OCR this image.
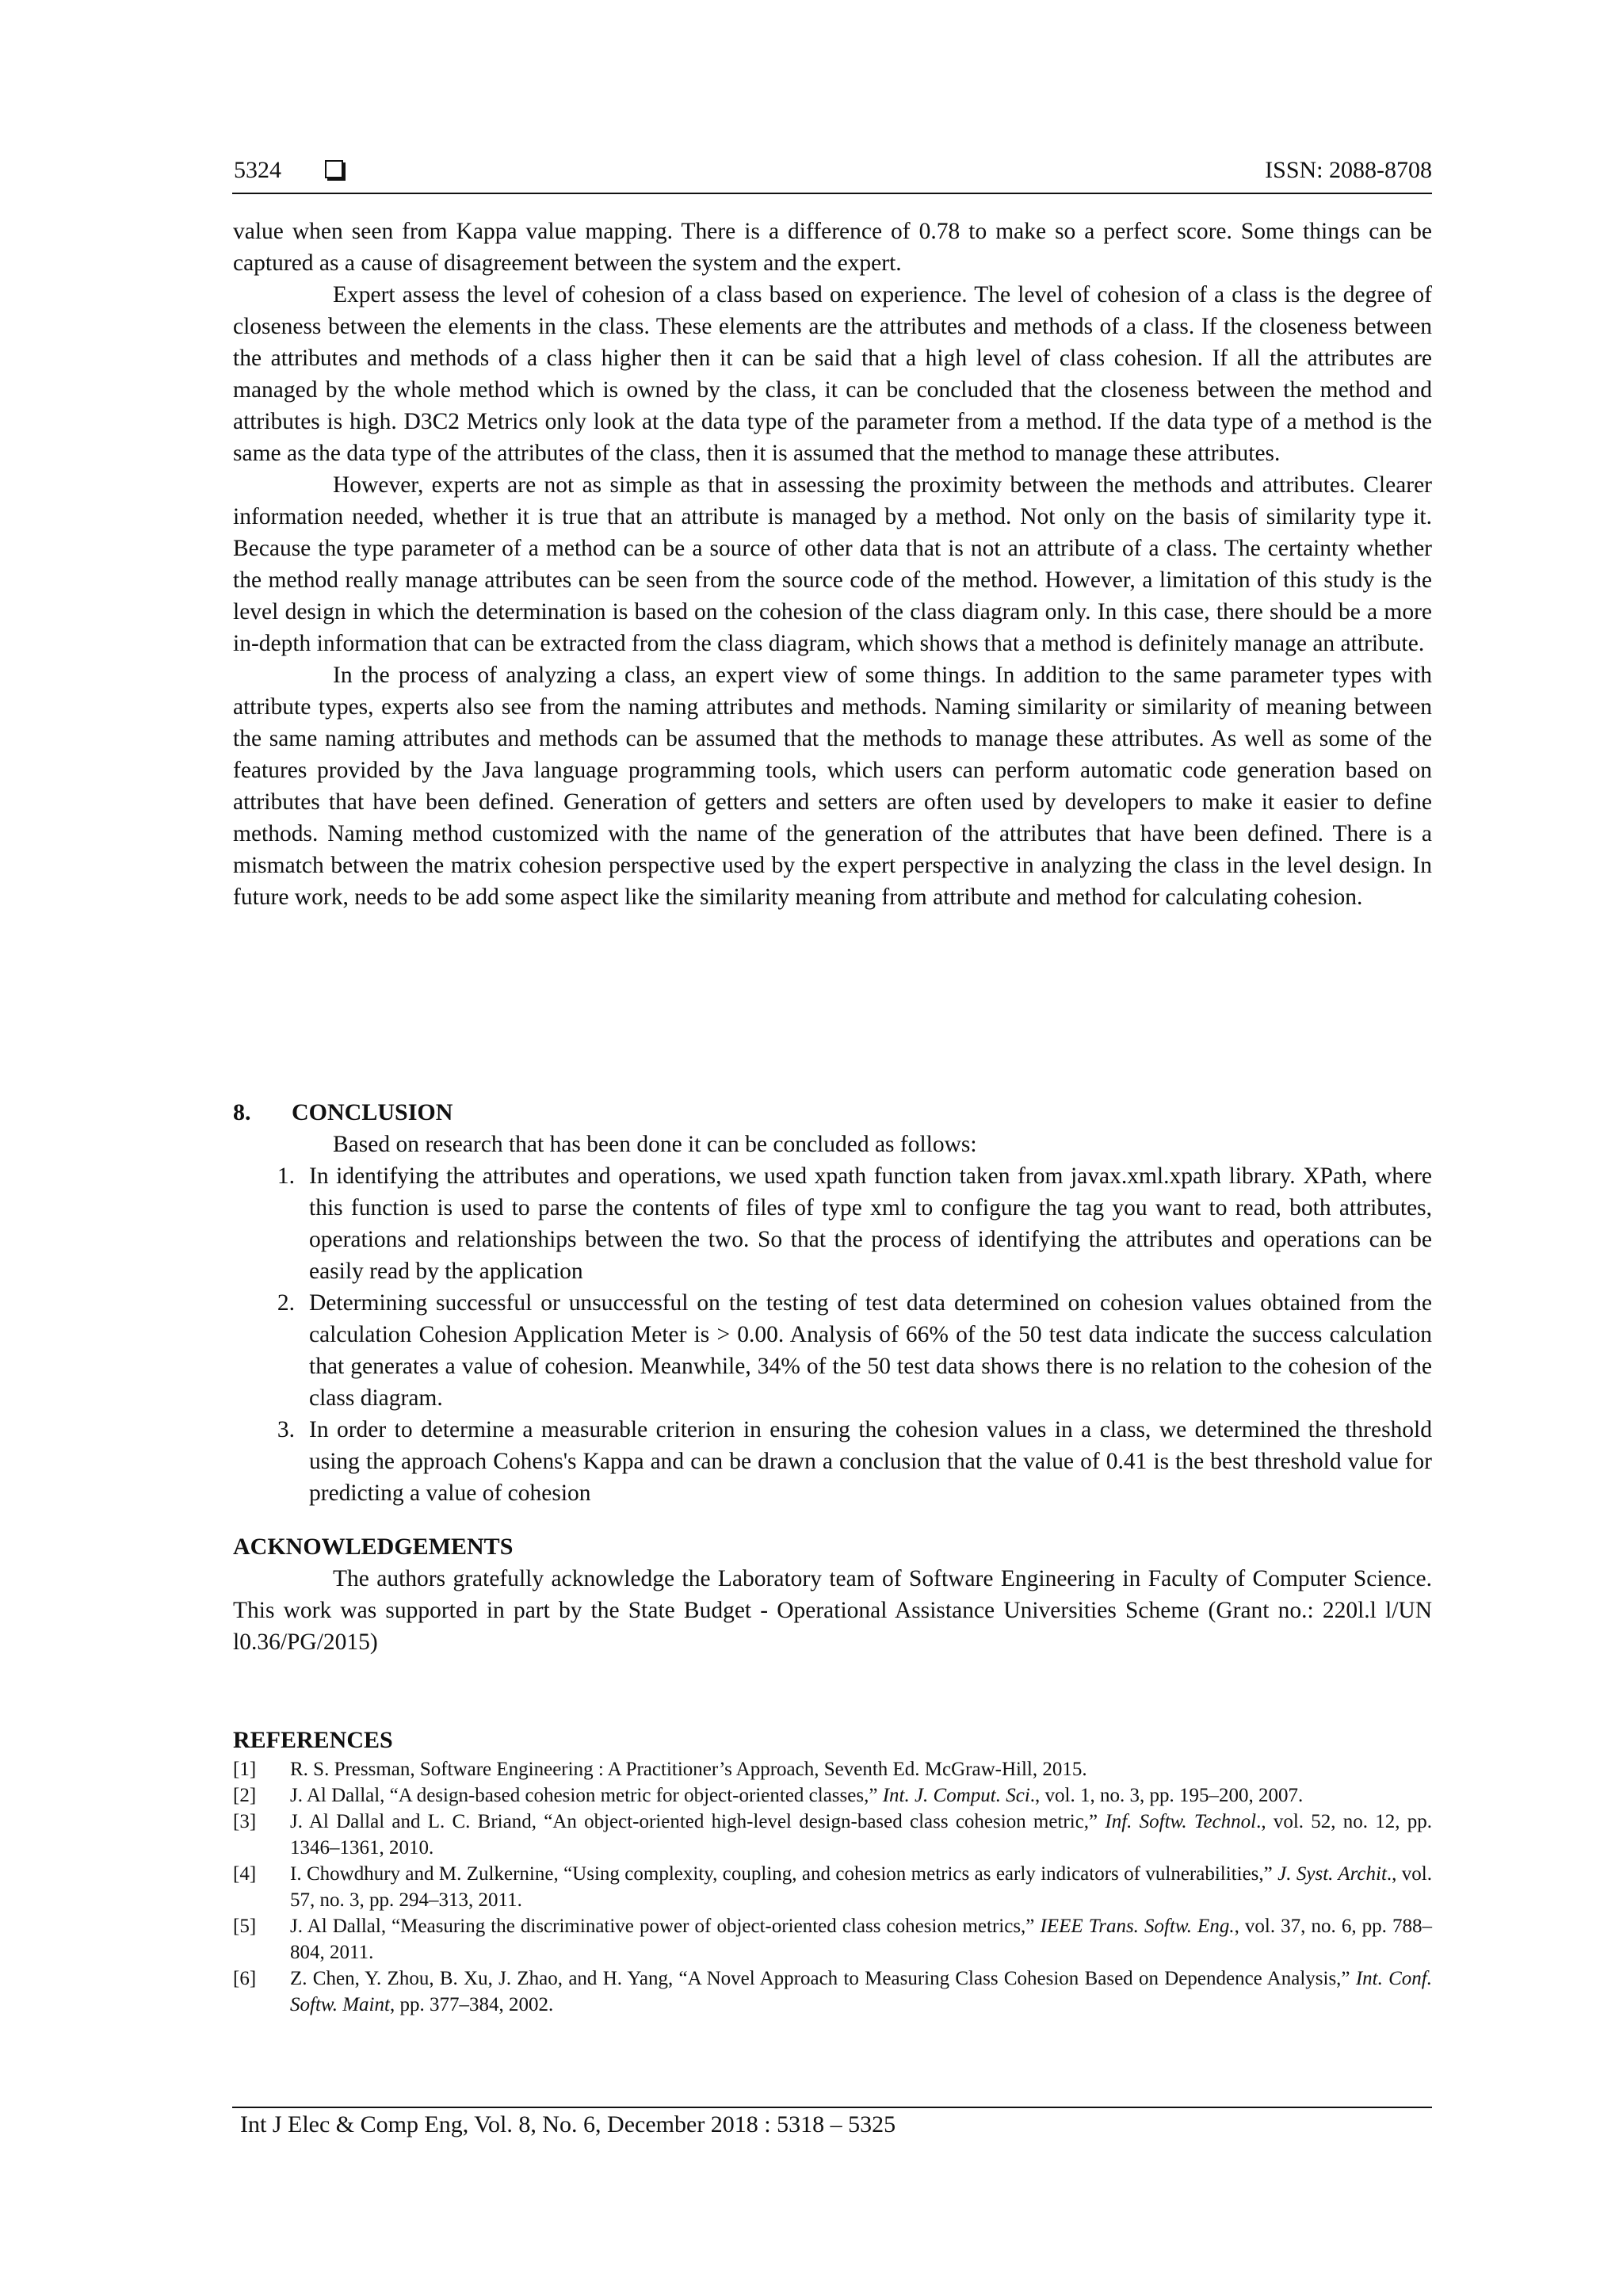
5324	ISSN: 2088-8708

value when seen from Kappa value mapping. There is a difference of 0.78 to make so a perfect score. Some things can be captured as a cause of disagreement between the system and the expert.

Expert assess the level of cohesion of a class based on experience. The level of cohesion of a class is the degree of closeness between the elements in the class. These elements are the attributes and methods of a class. If the closeness between the attributes and methods of a class higher then it can be said that a high level of class cohesion. If all the attributes are managed by the whole method which is owned by the class, it can be concluded that the closeness between the method and attributes is high. D3C2 Metrics only look at the data type of the parameter from a method. If the data type of a method is the same as the data type of the attributes of the class, then it is assumed that the method to manage these attributes.

However, experts are not as simple as that in assessing the proximity between the methods and attributes. Clearer information needed, whether it is true that an attribute is managed by a method. Not only on the basis of similarity type it. Because the type parameter of a method can be a source of other data that is not an attribute of a class. The certainty whether the method really manage attributes can be seen from the source code of the method. However, a limitation of this study is the level design in which the determination is based on the cohesion of the class diagram only. In this case, there should be a more in-depth information that can be extracted from the class diagram, which shows that a method is definitely manage an attribute.

In the process of analyzing a class, an expert view of some things. In addition to the same parameter types with attribute types, experts also see from the naming attributes and methods. Naming similarity or similarity of meaning between the same naming attributes and methods can be assumed that the methods to manage these attributes. As well as some of the features provided by the Java language programming tools, which users can perform automatic code generation based on attributes that have been defined. Generation of getters and setters are often used by developers to make it easier to define methods. Naming method customized with the name of the generation of the attributes that have been defined. There is a mismatch between the matrix cohesion perspective used by the expert perspective in analyzing the class in the level design. In future work, needs to be add some aspect like the similarity meaning from attribute and method for calculating cohesion.

8.	CONCLUSION

Based on research that has been done it can be concluded as follows:

1. In identifying the attributes and operations, we used xpath function taken from javax.xml.xpath library. XPath, where this function is used to parse the contents of files of type xml to configure the tag you want to read, both attributes, operations and relationships between the two. So that the process of identifying the attributes and operations can be easily read by the application
2. Determining successful or unsuccessful on the testing of test data determined on cohesion values obtained from the calculation Cohesion Application Meter is > 0.00. Analysis of 66% of the 50 test data indicate the success calculation that generates a value of cohesion. Meanwhile, 34% of the 50 test data shows there is no relation to the cohesion of the class diagram.
3. In order to determine a measurable criterion in ensuring the cohesion values in a class, we determined the threshold using the approach Cohens's Kappa and can be drawn a conclusion that the value of 0.41 is the best threshold value for predicting a value of cohesion
ACKNOWLEDGEMENTS

The authors gratefully acknowledge the Laboratory team of Software Engineering in Faculty of Computer Science. This work was supported in part by the State Budget - Operational Assistance Universities Scheme (Grant no.: 220l.l l/UN l0.36/PG/2015)

REFERENCES
[1]	R. S. Pressman, Software Engineering : A Practitioner’s Approach, Seventh Ed. McGraw-Hill, 2015.
[2]	J. Al Dallal, “A design-based cohesion metric for object-oriented classes,” Int. J. Comput. Sci., vol. 1, no. 3, pp. 195–200, 2007.
[3]	J. Al Dallal and L. C. Briand, “An object-oriented high-level design-based class cohesion metric,” Inf. Softw. Technol., vol. 52, no. 12, pp. 1346–1361, 2010.
[4]	I. Chowdhury and M. Zulkernine, “Using complexity, coupling, and cohesion metrics as early indicators of vulnerabilities,” J. Syst. Archit., vol. 57, no. 3, pp. 294–313, 2011.
[5]	J. Al Dallal, “Measuring the discriminative power of object-oriented class cohesion metrics,” IEEE Trans. Softw. Eng., vol. 37, no. 6, pp. 788–804, 2011.
[6]	Z. Chen, Y. Zhou, B. Xu, J. Zhao, and H. Yang, “A Novel Approach to Measuring Class Cohesion Based on Dependence Analysis,” Int. Conf. Softw. Maint, pp. 377–384, 2002.
Int J Elec & Comp Eng, Vol. 8, No. 6, December 2018 : 5318 – 5325
